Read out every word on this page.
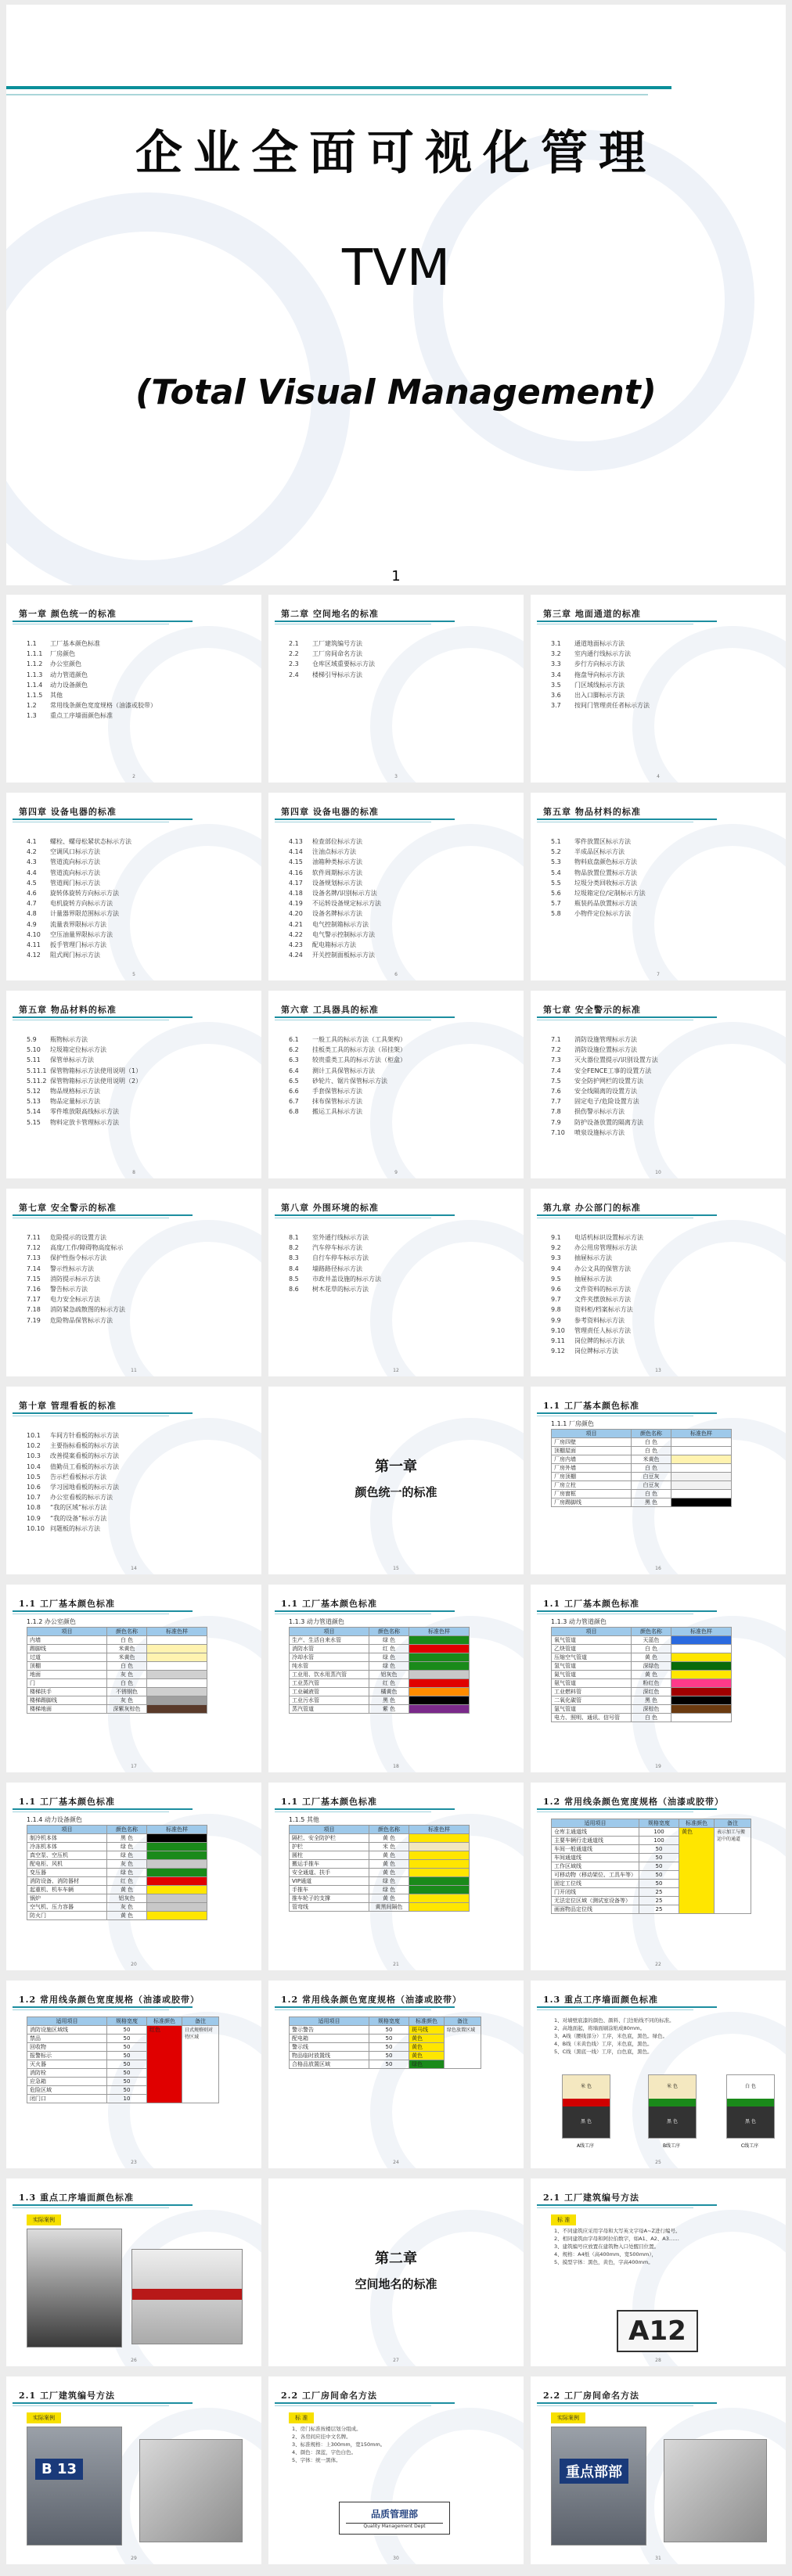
企业全面可视化管理
TVM
(Total Visual Management)
1
第一章 颜色统一的标准
1.1 工厂基本颜色标准
1.1.1 厂房颜色
1.1.2 办公室颜色
1.1.3 动力管道颜色
1.1.4 动力设备颜色
1.1.5 其他
1.2 常用线条颜色宽度规格（油漆或胶带）
1.3 重点工序墙面颜色标准
2
第二章 空间地名的标准
2.1 工厂建筑编号方法
2.2 工厂房间命名方法
2.3 仓库区域重要标示方法
2.4 楼梯引导标示方法
3
第三章 地面通道的标准
3.1 通道地面标示方法
3.2 室内通行线标示方法
3.3 步行方向标示方法
3.4 拖盘导向标示方法
3.5 门区域线标示方法
3.6 出入口脚标示方法
3.7 按间门管理责任者标示方法
4
第四章 设备电器的标准
4.1 螺栓、螺母松紧状态标示方法
4.2 空调风口标示方法
4.3 管道流向标示方法
4.4 管道流向标示方法
4.5 管道阀门标示方法
4.6 旋转体旋转方向标示方法
4.7 电机旋转方向标示方法
4.8 计量器界限范围标示方法
4.9 流量表界限标示方法
4.10 空压油量界限标示方法
4.11 扳手管理门标示方法
4.12 阻式阀门标示方法
5
第四章 设备电器的标准
4.13 检查部位标示方法
4.14 注油点标示方法
4.15 油箱种类标示方法
4.16 软件周期标示方法
4.17 设备规划标示方法
4.18 设备名牌/识别标示方法
4.19 不运转设备规定标示方法
4.20 设备名牌标示方法
4.21 电气控制箱标示方法
4.22 电气警示控制标示方法
4.23 配电箱标示方法
4.24 开关控制面板标示方法
6
第五章 物品材料的标准
5.1 零件放置区标示方法
5.2 半成品区标示方法
5.3 物料底盘颜色标示方法
5.4 物品放置位置标示方法
5.5 垃圾分类回收标示方法
5.6 垃圾箱定位/定制标示方法
5.7 瓶装药品放置标示方法
5.8 小物件定位标示方法
7
第五章 物品材料的标准
5.9 瓶物标示方法
5.10 垃圾箱定位标示方法
5.11 保管单标示方法
5.11.1 保管物箱标示方法使用说明（1）
5.11.2 保管物箱标示方法使用说明（2）
5.12 物品规格标示方法
5.13 物品定量标示方法
5.14 零件堆放限高线标示方法
5.15 物料定放卡管理标示方法
8
第六章 工具器具的标准
6.1 一般工具的标示方法（工具架构）
6.2 挂板类工具的标示方法（吊挂架）
6.3 较贵重类工具的标示方法（柜盒）
6.4 测计工具保管标示方法
6.5 砂轮片、锯片保管标示方法
6.6 手套保管标示方法
6.7 抹布保管标示方法
6.8 搬运工具标示方法
9
第七章 安全警示的标准
7.1 消防设施管理标示方法
7.2 消防设施位置标示方法
7.3 灭火器位置提示/识别设置方法
7.4 安全FENCE工事的设置方法
7.5 安全防护网栏的设置方法
7.6 安全线隔离的设置方法
7.7 固定电子/危险设置方法
7.8 损伤警示标示方法
7.9 防护设备放置的隔离方法
7.10 喷泉设施标示方法
10
第七章 安全警示的标准
7.11 危险提示的设置方法
7.12 高度/工作/障碍物高度标示
7.13 保护性指令标示方法
7.14 警示性标示方法
7.15 消防提示标示方法
7.16 警告标示方法
7.17 电力安全标示方法
7.18 消防紧急疏散图的标示方法
7.19 危险物品保管标示方法
11
第八章 外围环境的标准
8.1 室外通行线标示方法
8.2 汽车停车标示方法
8.3 自行车停车标示方法
8.4 墙路路径标示方法
8.5 市政井盖设施的标示方法
8.6 树木花草的标示方法
12
第九章 办公部门的标准
9.1 电话机标识设置标示方法
9.2 办公用房管理标示方法
9.3 抽屉标示方法
9.4 办公文具的保管方法
9.5 抽屉标示方法
9.6 文件资料的标示方法
9.7 文件夹摆放标示方法
9.8 资料柜/档案标示方法
9.9 参考资料标示方法
9.10 管理责任人标示方法
9.11 岗位牌的标示方法
9.12 岗位牌标示方法
13
第十章 管理看板的标准
10.1 车间方针看板的标示方法
10.2 主要指标看板的标示方法
10.3 改善提案看板的标示方法
10.4 值勤员工看板的标示方法
10.5 告示栏看板标示方法
10.6 学习园地看板的标示方法
10.7 办公室看板的标示方法
10.8 “我的区域”标示方法
10.9 “我的设备”标示方法
10.10 问题板的标示方法
14
第一章
颜色统一的标准
15
1.1 工厂基本颜色标准
1.1.1 厂房颜色
项目	颜色名称	标准色样
厂房四壁	白 色	
顶棚屋面	白 色	
厂房内墙	米黄色	
厂房外墙	白 色	
厂房顶棚	白豆灰	
厂房立柱	白豆灰	
厂房窗框	白 色	
厂房踢脚线	黑 色	
16
1.1 工厂基本颜色标准
1.1.2 办公室颜色
项目	颜色名称	标准色样
内墙	白 色	
踢脚线	米黄色	
过道	米黄色	
顶棚	白 色	
地面	灰 色	
门	白 色	
楼梯扶手	不锈钢色	
楼梯踢脚线	灰 色	
楼梯地面	深紫灰棕色	
17
1.1 工厂基本颜色标准
1.1.3 动力管道颜色
项目	颜色名称	标准色样
生产、生活自来水管	绿 色	
消防水管	红 色	
冷却水管	绿 色	
纯水管	绿 色	
工业用、饮水用蒸汽管	铝灰色	
工业蒸汽管	红 色	
工业碱液管	橘黄色	
工业污水管	黑 色	
蒸汽管道	紫 色	
18
1.1 工厂基本颜色标准
1.1.3 动力管道颜色
项目	颜色名称	标准色样
氧气管道	天蓝色	
乙炔管道	白 色	
压缩空气管道	黄 色	
氢气管道	深绿色	
氮气管道	黄 色	
氨气管道	粉红色	
工业燃料管	深红色	
二氧化碳管	黑 色	
氩气管道	深棕色	
电力、照明、通讯、信号管	白 色	
19
1.1 工厂基本颜色标准
1.1.4 动力设备颜色
项目	颜色名称	标准色样
制冷机本体	黑 色	
冷冻机本体	绿 色	
真空泵、空压机	绿 色	
配电柜、风机	灰 色	
变压器	绿 色	
消防设备、消防器材	红 色	
起重机、机车车辆	黄 色	
锅炉	铝灰色	
空气机、压力容器	灰 色	
防火门	黄 色	
20
1.1 工厂基本颜色标准
1.1.5 其他
项目	颜色名称	标准色样
隔栏、安全防护栏	黄 色	
护栏	米 色	
圆柱	黄 色	
搬运手推车	黄 色	
安全通道、扶手	黄 色	
VIP通道	绿 色	
手推车	绿 色	
推车轮子的支撑	黄 色	
管弯线	黄黑间隔色	
21
1.2 常用线条颜色宽度规格（油漆或胶带）
适用项目	规格宽度	标准颜色	备注
仓库主通道线	100	黄色	表示加工与搬运中的通道
主要车辆行走通道线	100		
车间一般通道线	50		
车间通道线	50		
工作区域线	50		
可移动物（移动架位、工具车等）	50		
固定工位线	50		
门开闭线	25		
无法定位区域（测试室设备等）	25		
画面物品定位线	25		
22
1.2 常用线条颜色宽度规格（油漆或胶带）
适用项目	规格宽度	标准颜色	备注
消防设施区域线	50	红色	日式规格则对待区域
禁品	50		
回收物	50		
报警标示	50		
灭火器	50		
消防栓	50		
应急箱	50		
危险区域	50		
闭门口	10		
23
1.2 常用线条颜色宽度规格（油漆或胶带）
适用项目	规格宽度	标准颜色	备注
警示警告	50	斑马线	绿色放置区域
配电箱	50	黄色	
警示线	50	黄色	
物品临时放置线	50	黄色	
合格品放置区域	50	绿色	
24
1.3 重点工序墙面颜色标准
1、对墙壁底漆的颜色、颜料、门边贴线不同的标准。
2、高地面起，将墙面刷涂贴成80mm。
3、A线（腰线部分）工序，米色底，黑色。绿色。
4、B线（米黄色线）工序，米色底，黑色。
5、C线（黑底一线）工序，白色底，黑色。
米 色
黑 色
A线工序
米 色
黑 色
B线工序
白 色
黑 色
C线工序
25
1.3 重点工序墙面颜色标准
实际案例
26
第二章
空间地名的标准
27
2.1 工厂建筑编号方法
标 准
1、不同建筑应采用字母和大写英文字母A~Z进行编号。
2、相同建筑由字母和阿拉伯数字，如A1、A2、A3……
3、建筑编号应放置在建筑物入口处醒目位置。
4、规格：A4纸（高400mm、宽500mm），
5、摸型字体：黑色，黄色，字高400mm。
A12
28
2.1 工厂建筑编号方法
实际案例
B 13
29
2.2 工厂房间命名方法
标 准
1、房门标准按楼层划分组成。
2、各房间应挂中文名牌。
3、标准规格：上300mm，宽150mm。
4、颜色：深蓝，字色白色。
5、字体：统一黑体。
品质管理部
Quality Management Dept
30
2.2 工厂房间命名方法
实际案例
重点部部
31
